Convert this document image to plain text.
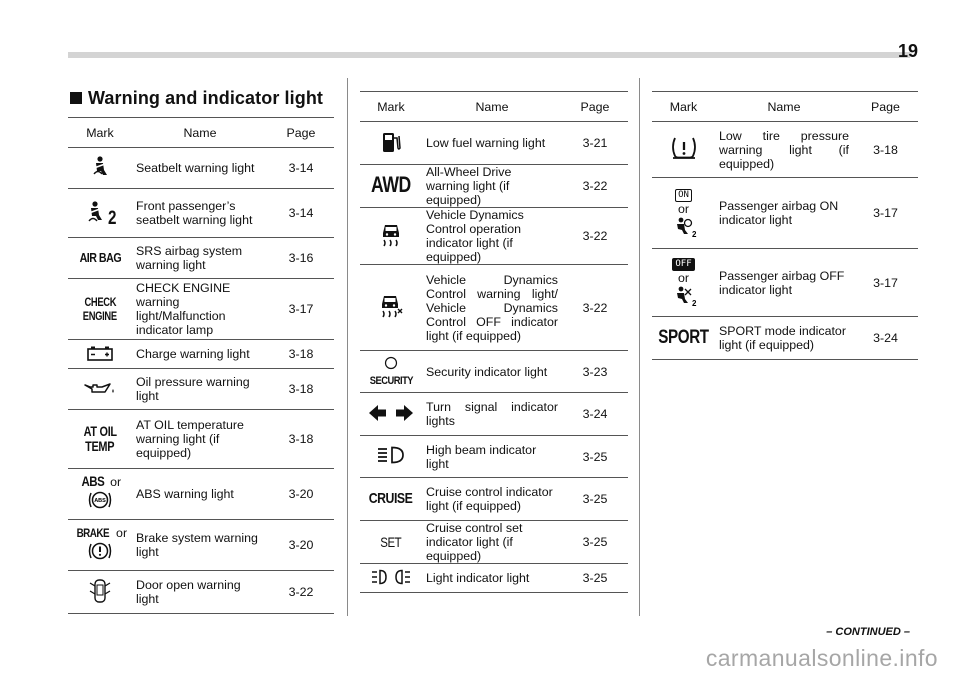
19
Warning and indicator light
Mark	Name	Page
	Seatbelt warning light	3-14
2	Front passenger’s seatbelt warning light	3-14
AIR BAG	SRS airbag system warning light	3-16
CHECK
ENGINE	CHECK ENGINE warning light/Malfunction indicator lamp	3-17
	Charge warning light	3-18
	Oil pressure warning light	3-18
AT OIL
TEMP	AT OIL temperature warning light (if equipped)	3-18

ABS or
ABS	ABS warning light	3-20

BRAKE or	Brake system warning light	3-20
	Door open warning light	3-22
Mark	Name	Page
	Low fuel warning light	3-21
AWD	All-Wheel Drive warning light (if equipped)	3-22
	Vehicle Dynamics Control operation indicator light (if equipped)	3-22
	Vehicle Dynamics Control warning light/ Vehicle Dynamics Control OFF indicator light (if equipped)	3-22

SECURITY	Security indicator light	3-23
	Turn signal indicator lights	3-24
	High beam indicator light	3-25
CRUISE	Cruise control indicator light (if equipped)	3-25
SET	Cruise control set indicator light (if equipped)	3-25
	Light indicator light	3-25
Mark	Name	Page
	Low tire pressure warning light (if equipped)	3-18
ON
or

2	Passenger airbag ON indicator light	3-17
OFF
or

2	Passenger airbag OFF indicator light	3-17
SPORT	SPORT mode indicator light (if equipped)	3-24
– CONTINUED –
carmanualsonline.info
